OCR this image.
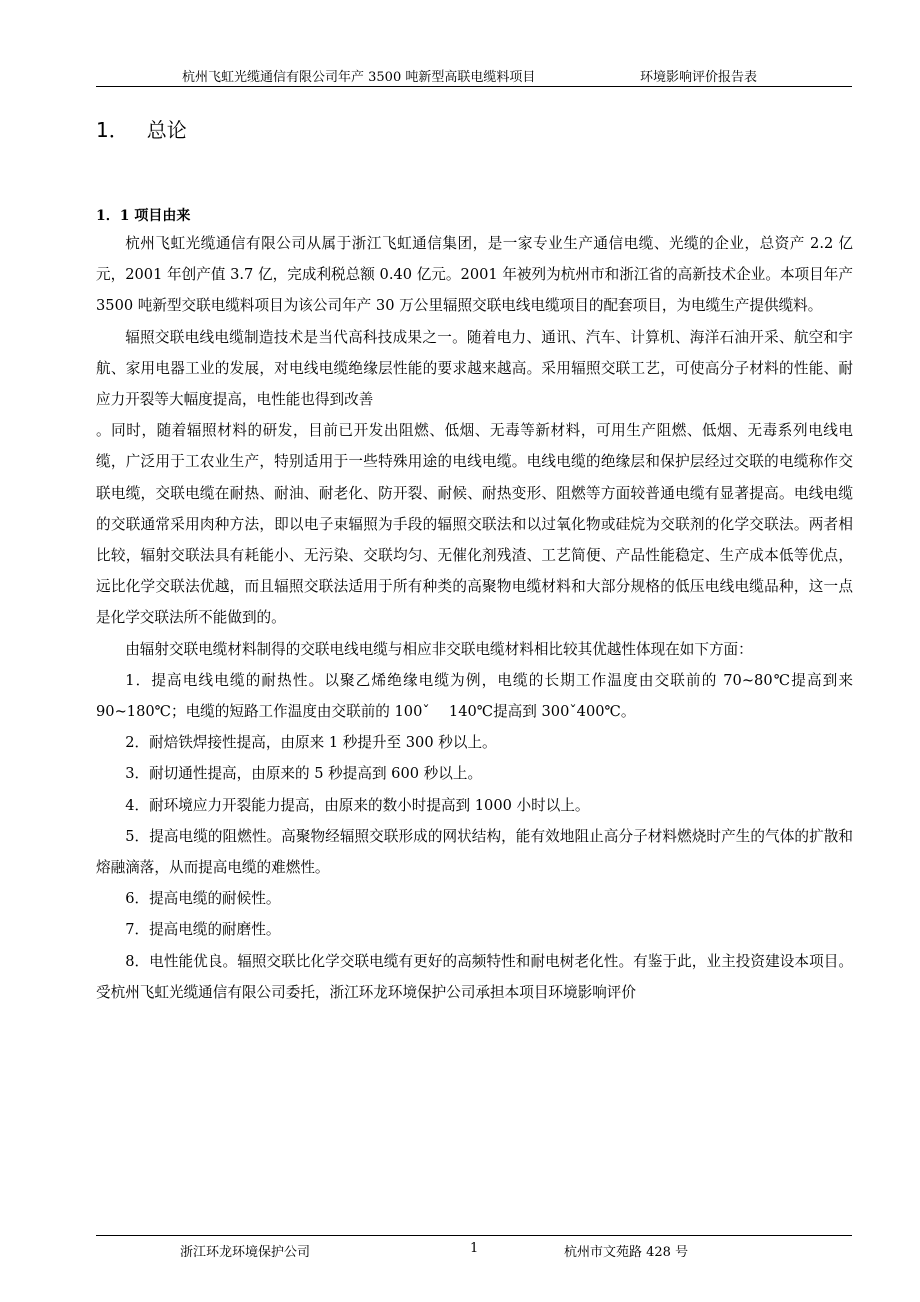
杭州飞虹光缆通信有限公司年产 3500 吨新型高联电缆料项目	环境影响评价报告表
1． 总论
1．1 项目由来

杭州飞虹光缆通信有限公司从属于浙江飞虹通信集团，是一家专业生产通信电缆、光缆的企业，总资产 2.2 亿元，2001 年创产值 3.7 亿，完成利税总额 0.40 亿元。2001 年被列为杭州市和浙江省的高新技术企业。本项目年产 3500 吨新型交联电缆料项目为该公司年产 30 万公里辐照交联电线电缆项目的配套项目，为电缆生产提供缆料。

辐照交联电线电缆制造技术是当代高科技成果之一。随着电力、通讯、汽车、计算机、海洋石油开采、航空和宇航、家用电器工业的发展，对电线电缆绝缘层性能的要求越来越高。采用辐照交联工艺，可使高分子材料的性能、耐应力开裂等大幅度提高，电性能也得到改善

。同时，随着辐照材料的研发，目前已开发出阻燃、低烟、无毒等新材料，可用生产阻燃、低烟、无毒系列电线电缆，广泛用于工农业生产，特别适用于一些特殊用途的电线电缆。电线电缆的绝缘层和保护层经过交联的电缆称作交联电缆，交联电缆在耐热、耐油、耐老化、防开裂、耐候、耐热变形、阻燃等方面较普通电缆有显著提高。电线电缆的交联通常采用肉种方法，即以电子束辐照为手段的辐照交联法和以过氧化物或硅烷为交联剂的化学交联法。两者相比较，辐射交联法具有耗能小、无污染、交联均匀、无催化剂残渣、工艺简便、产品性能稳定、生产成本低等优点，远比化学交联法优越，而且辐照交联法适用于所有种类的高聚物电缆材料和大部分规格的低压电线电缆品种，这一点是化学交联法所不能做到的。

由辐射交联电缆材料制得的交联电线电缆与相应非交联电缆材料相比较其优越性体现在如下方面：

1．提高电线电缆的耐热性。以聚乙烯绝缘电缆为例，电缆的长期工作温度由交联前的 70~80℃提高到来 90~180℃；电缆的短路工作温度由交联前的 100ˇ　 140℃提高到 300ˇ400℃。

2．耐焙铁焊接性提高，由原来 1 秒提升至 300 秒以上。

3．耐切通性提高，由原来的 5 秒提高到 600 秒以上。

4．耐环境应力开裂能力提高，由原来的数小时提高到 1000 小时以上。

5．提高电缆的阻燃性。高聚物经辐照交联形成的网状结构，能有效地阻止高分子材料燃烧时产生的气体的扩散和熔融滴落，从而提高电缆的难燃性。

6．提高电缆的耐候性。

7．提高电缆的耐磨性。

8．电性能优良。辐照交联比化学交联电缆有更好的高频特性和耐电树老化性。有鉴于此，业主投资建设本项目。受杭州飞虹光缆通信有限公司委托，浙江环龙环境保护公司承担本项目环境影响评价

浙江环龙环境保护公司	1	杭州市文苑路 428 号
